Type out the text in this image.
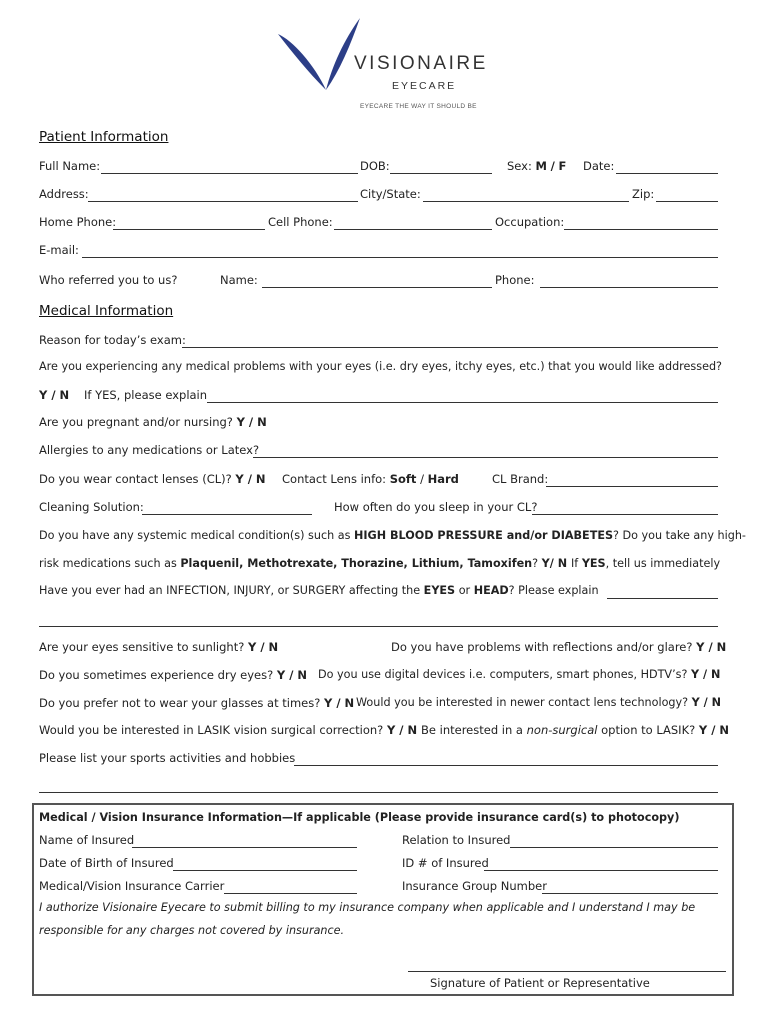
VISIONAIRE
EYECARE
EYECARE THE WAY IT SHOULD BE
Patient Information
Full Name:	DOB:	Sex: M / F Date:
Address:	City/State:	Zip:
Home Phone:	Cell Phone:	Occupation:
E-mail:
Who referred you to us?	Name:	Phone:
Medical Information
Reason for today’s exam:
Are you experiencing any medical problems with your eyes (i.e. dry eyes, itchy eyes, etc.) that you would like addressed?
Y / N If YES, please explain
Are you pregnant and/or nursing? Y / N
Allergies to any medications or Latex?
Do you wear contact lenses (CL)? Y / N Contact Lens info: Soft / Hard	CL Brand:
Cleaning Solution:	How often do you sleep in your CL?
Do you have any systemic medical condition(s) such as HIGH BLOOD PRESSURE and/or DIABETES? Do you take any high-
risk medications such as Plaquenil, Methotrexate, Thorazine, Lithium, Tamoxifen? Y/ N If YES, tell us immediately
Have you ever had an INFECTION, INJURY, or SURGERY affecting the EYES or HEAD? Please explain
Are your eyes sensitive to sunlight? Y / N	Do you have problems with reflections and/or glare? Y / N
Do you sometimes experience dry eyes? Y / N Do you use digital devices i.e. computers, smart phones, HDTV’s? Y / N
Do you prefer not to wear your glasses at times? Y / N Would you be interested in newer contact lens technology? Y / N
Would you be interested in LASIK vision surgical correction? Y / N Be interested in a non-surgical option to LASIK? Y / N
Please list your sports activities and hobbies
Medical / Vision Insurance Information—If applicable (Please provide insurance card(s) to photocopy)
Name of Insured	Relation to Insured
Date of Birth of Insured	ID # of Insured
Medical/Vision Insurance Carrier	Insurance Group Number
I authorize Visionaire Eyecare to submit billing to my insurance company when applicable and I understand I may be
responsible for any charges not covered by insurance.
Signature of Patient or Representative
